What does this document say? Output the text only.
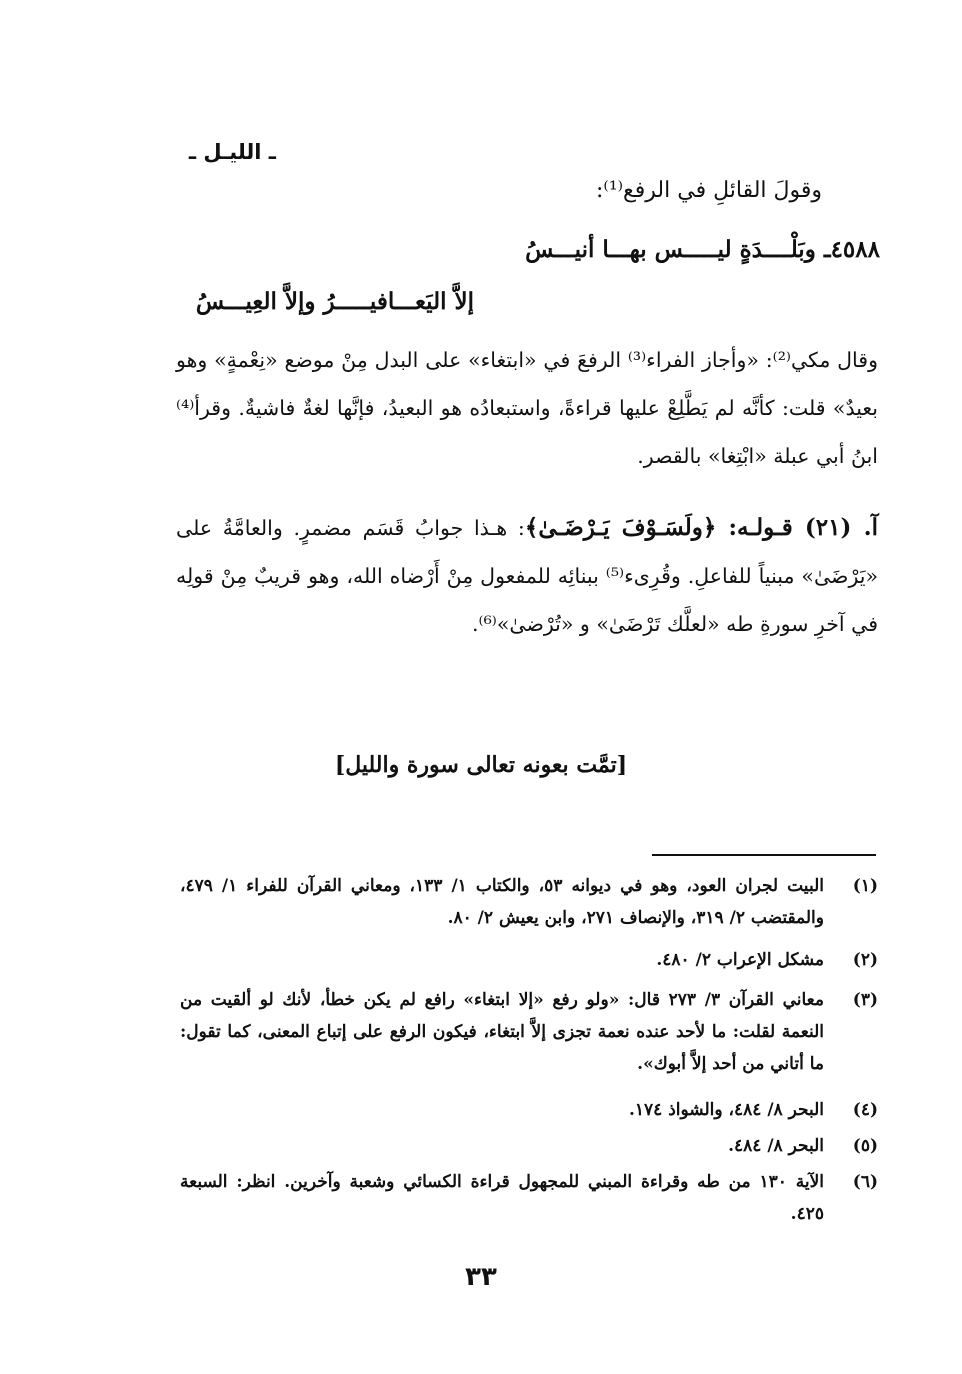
ـ الليـل ـ
وقولَ القائلِ في الرفع⁽¹⁾:
٤٥٨٨ـ وبَلْــــدَةٍ ليـــــس بهـــا أنيـــسُ
إلاَّ اليَعـــافيـــــرُ وإلاَّ العِيـــسُ
وقال مكي⁽²⁾: «وأجاز الفراء⁽³⁾ الرفعَ في «ابتغاء» على البدل مِنْ موضع «نِعْمةٍ» وهو بعيدٌ» قلت: كأنَّه لم يَطَّلِعْ عليها قراءةً، واستبعادُه هو البعيدُ، فإنَّها لغةٌ فاشيةٌ. وقرأ⁽⁴⁾ ابنُ أبي عبلة «ابْتِغا» بالقصر.
آ. (٢١) قـولـه: ﴿ولَسَـوْفَ يَـرْضَـىٰ﴾: هـذا جوابُ قَسَم مضمرٍ. والعامَّةُ على «يَرْضَىٰ» مبنياً للفاعلِ. وقُرِىء⁽⁵⁾ ببنائِه للمفعول مِنْ أَرْضاه الله، وهو قريبٌ مِنْ قولِه في آخرِ سورةِ طه «لعلَّك تَرْضَىٰ» و «تُرْضىٰ»⁽⁶⁾.
[تمَّت بعونه تعالى سورة والليل]
(١)
البيت لجران العود، وهو في ديوانه ٥٣، والكتاب ١/ ١٣٣، ومعاني القرآن للفراء ١/ ٤٧٩، والمقتضب ٢/ ٣١٩، والإنصاف ٢٧١، وابن يعيش ٢/ ٨٠.
(٢)
مشكل الإعراب ٢/ ٤٨٠.
(٣)
معاني القرآن ٣/ ٢٧٣ قال: «ولو رفع «إلا ابتغاء» رافع لم يكن خطأ، لأنك لو ألقيت من النعمة لقلت: ما لأحد عنده نعمة تجزى إلاَّ ابتغاء، فيكون الرفع على إتباع المعنى، كما تقول: ما أتاني من أحد إلاَّ أبوك».
(٤)
البحر ٨/ ٤٨٤، والشواذ ١٧٤.
(٥)
البحر ٨/ ٤٨٤.
(٦)
الآية ١٣٠ من طه وقراءة المبني للمجهول قراءة الكسائي وشعبة وآخرين. انظر: السبعة ٤٢٥.
٣٣
